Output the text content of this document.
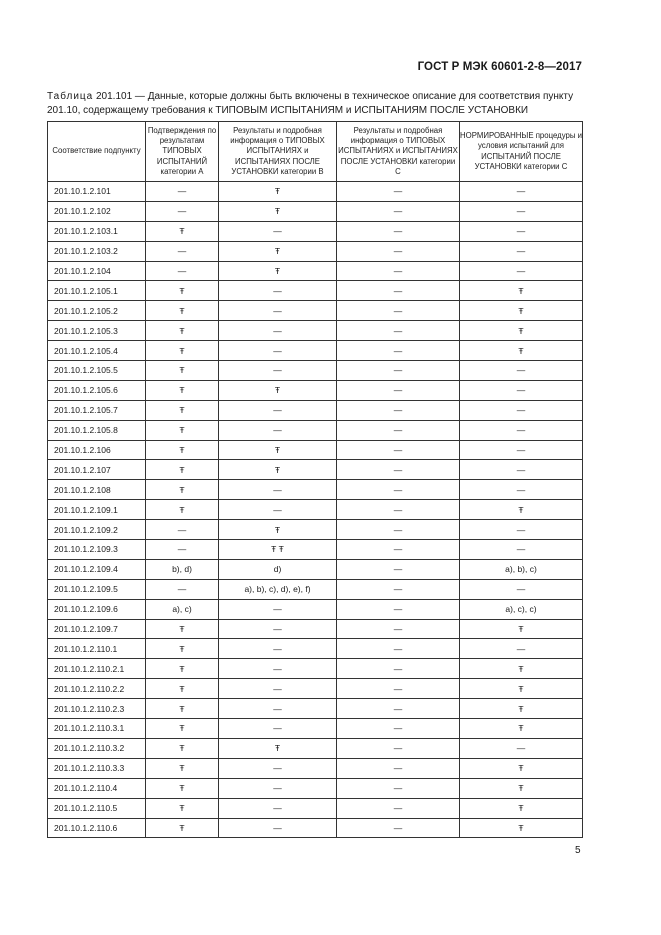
ГОСТ Р МЭК 60601-2-8—2017
Таблица 201.101 — Данные, которые должны быть включены в техническое описание для соответствия пункту 201.10, содержащему требования к ТИПОВЫМ ИСПЫТАНИЯМ и ИСПЫТАНИЯМ ПОСЛЕ УСТАНОВКИ
Соответствие подпункту	Подтверждения по результатам ТИПОВЫХ ИСПЫТАНИЙ категории А	Результаты и подробная информация о ТИПОВЫХ ИСПЫТАНИЯХ и ИСПЫТАНИЯХ ПОСЛЕ УСТАНОВКИ категории В	Результаты и подробная информация о ТИПОВЫХ ИСПЫТАНИЯХ и ИСПЫТАНИЯХ ПОСЛЕ УСТАНОВКИ категории С	НОРМИРОВАННЫЕ процедуры и условия испытаний для ИСПЫТАНИЙ ПОСЛЕ УСТАНОВКИ категории С
201.10.1.2.101	—	Ŧ	—	—
201.10.1.2.102	—	Ŧ	—	—
201.10.1.2.103.1	Ŧ	—	—	—
201.10.1.2.103.2	—	Ŧ	—	—
201.10.1.2.104	—	Ŧ	—	—
201.10.1.2.105.1	Ŧ	—	—	Ŧ
201.10.1.2.105.2	Ŧ	—	—	Ŧ
201.10.1.2.105.3	Ŧ	—	—	Ŧ
201.10.1.2.105.4	Ŧ	—	—	Ŧ
201.10.1.2.105.5	Ŧ	—	—	—
201.10.1.2.105.6	Ŧ	Ŧ	—	—
201.10.1.2.105.7	Ŧ	—	—	—
201.10.1.2.105.8	Ŧ	—	—	—
201.10.1.2.106	Ŧ	Ŧ	—	—
201.10.1.2.107	Ŧ	Ŧ	—	—
201.10.1.2.108	Ŧ	—	—	—
201.10.1.2.109.1	Ŧ	—	—	Ŧ
201.10.1.2.109.2	—	Ŧ	—	—
201.10.1.2.109.3	—	Ŧ Ŧ	—	—
201.10.1.2.109.4	b), d)	d)	—	a), b), c)
201.10.1.2.109.5	—	a), b), c), d), e), f)	—	—
201.10.1.2.109.6	a), c)	—	—	a), c), c)
201.10.1.2.109.7	Ŧ	—	—	Ŧ
201.10.1.2.110.1	Ŧ	—	—	—
201.10.1.2.110.2.1	Ŧ	—	—	Ŧ
201.10.1.2.110.2.2	Ŧ	—	—	Ŧ
201.10.1.2.110.2.3	Ŧ	—	—	Ŧ
201.10.1.2.110.3.1	Ŧ	—	—	Ŧ
201.10.1.2.110.3.2	Ŧ	Ŧ	—	—
201.10.1.2.110.3.3	Ŧ	—	—	Ŧ
201.10.1.2.110.4	Ŧ	—	—	Ŧ
201.10.1.2.110.5	Ŧ	—	—	Ŧ
201.10.1.2.110.6	Ŧ	—	—	Ŧ
5
